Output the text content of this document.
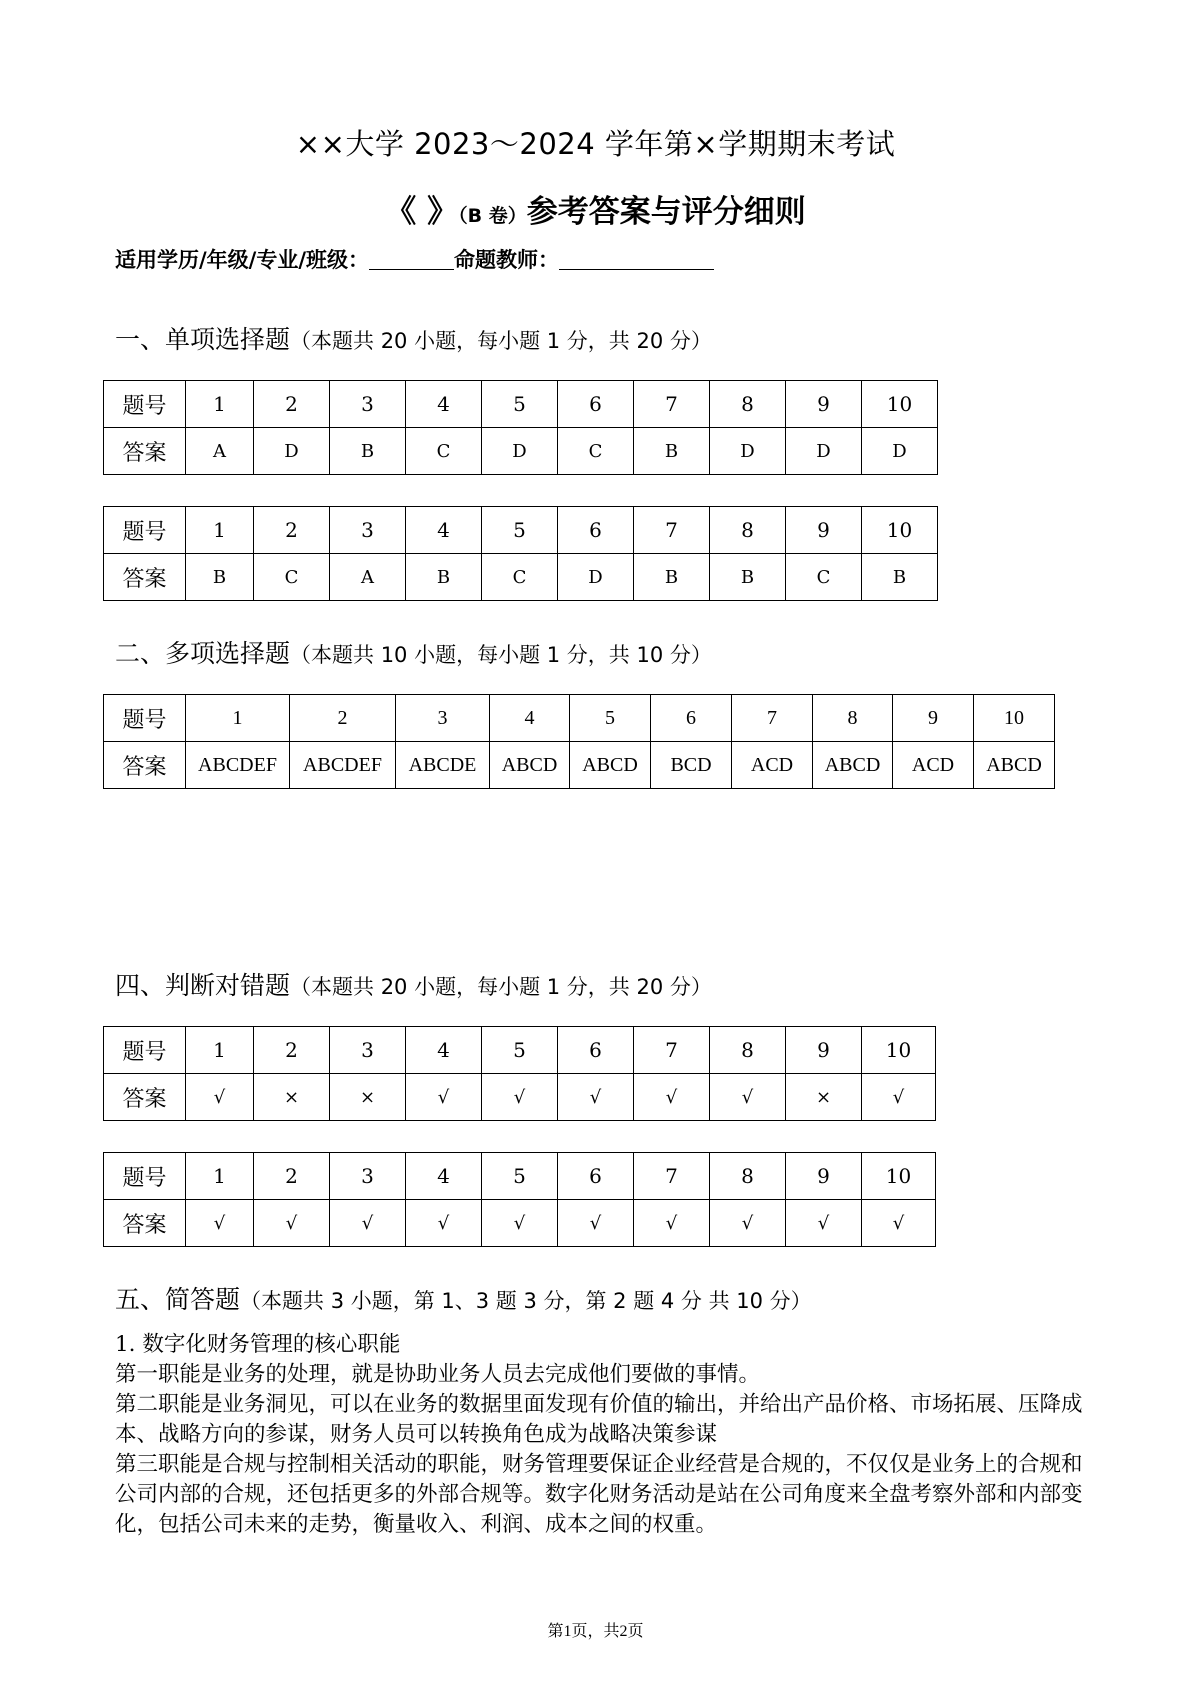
××大学 2023～2024 学年第×学期期末考试
《 》（B 卷）参考答案与评分细则
适用学历/年级/专业/班级：	命题教师：
一、单项选择题（本题共 20 小题，每小题 1 分，共 20 分）
题号	1	2	3	4	5	6	7	8	9	10
答案	A	D	B	C	D	C	B	D	D	D
题号	1	2	3	4	5	6	7	8	9	10
答案	B	C	A	B	C	D	B	B	C	B
二、多项选择题（本题共 10 小题，每小题 1 分，共 10 分）
题号	1	2	3	4	5	6	7	8	9	10
答案	ABCDEF	ABCDEF	ABCDE	ABCD	ABCD	BCD	ACD	ABCD	ACD	ABCD
四、判断对错题（本题共 20 小题，每小题 1 分，共 20 分）
题号	1	2	3	4	5	6	7	8	9	10
答案	√	×	×	√	√	√	√	√	×	√
题号	1	2	3	4	5	6	7	8	9	10
答案	√	√	√	√	√	√	√	√	√	√
五、简答题（本题共 3 小题，第 1、3 题 3 分，第 2 题 4 分 共 10 分）

1. 数字化财务管理的核心职能

第一职能是业务的处理，就是协助业务人员去完成他们要做的事情。

第二职能是业务洞见，可以在业务的数据里面发现有价值的输出，并给出产品价格、市场拓展、压降成本、战略方向的参谋，财务人员可以转换角色成为战略决策参谋

第三职能是合规与控制相关活动的职能，财务管理要保证企业经营是合规的，不仅仅是业务上的合规和公司内部的合规，还包括更多的外部合规等。数字化财务活动是站在公司角度来全盘考察外部和内部变化，包括公司未来的走势，衡量收入、利润、成本之间的权重。

第1页，共2页
